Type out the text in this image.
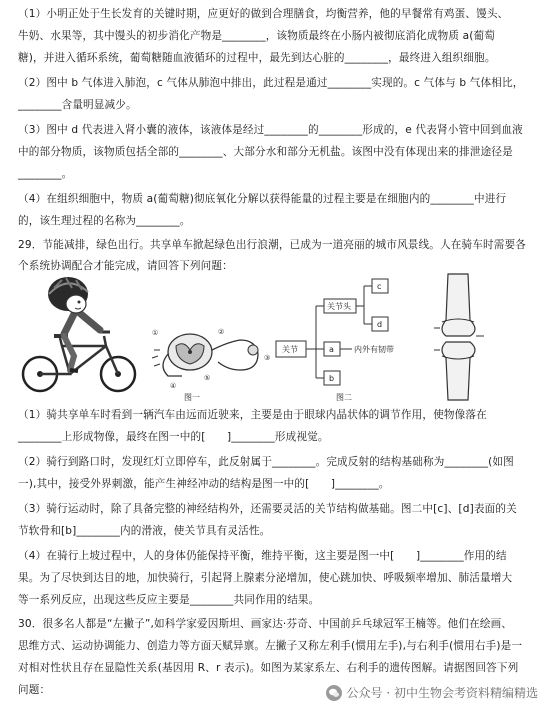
（1）小明正处于生长发育的关键时期，应更好的做到合理膳食，均衡营养，他的早餐常有鸡蛋、馒头、
牛奶、水果等，其中馒头的初步消化产物是________，该物质最终在小肠内被彻底消化成物质 a(葡萄
糖)，并进入循环系统，葡萄糖随血液循环的过程中，最先到达心脏的________，最终进入组织细胞。
（2）图中 b 气体进入肺泡，c 气体从肺泡中排出，此过程是通过________实现的。c 气体与 b 气体相比，
________含量明显减少。
（3）图中 d 代表进入肾小囊的液体，该液体是经过________的________形成的，e 代表肾小管中回到血液
中的部分物质，该物质包括全部的________、大部分水和部分无机盐。该图中没有体现出来的排泄途径是
________。
（4）在组织细胞中，物质 a(葡萄糖)彻底氧化分解以获得能量的过程主要是在细胞内的________中进行
的，该生理过程的名称为________。
29．节能减排，绿色出行。共享单车掀起绿色出行浪潮，已成为一道亮丽的城市风景线。人在骑车时需要各
个系统协调配合才能完成，请回答下列问题：
①	②
③
④
⑤
图一
关节
关节头
a
b
c
d
内外有韧带
图二
（1）骑共享单车时看到一辆汽车由远而近驶来，主要是由于眼球内晶状体的调节作用，使物像落在
________上形成物像，最终在图一中的[　　]________形成视觉。
（2）骑行到路口时，发现红灯立即停车，此反射属于________。完成反射的结构基础称为________(如图
一),其中，接受外界刺激，能产生神经冲动的结构是图一中的[　　]________。
（3）骑行运动时，除了具备完整的神经结构外，还需要灵活的关节结构做基础。图二中[c]、[d]表面的关
节软骨和[b]________内的滑液，使关节具有灵活性。
（4）在骑行上坡过程中，人的身体仍能保持平衡，维持平衡，这主要是图一中[　　]________作用的结
果。为了尽快到达目的地，加快骑行，引起肾上腺素分泌增加，使心跳加快、呼吸频率增加、肺活量增大
等一系列反应，出现这些反应主要是________共同作用的结果。
30．很多名人都是“左撇子”,如科学家爱因斯坦、画家达·芬奇、中国前乒乓球冠军王楠等。他们在绘画、
思维方式、运动协调能力、创造力等方面天赋异禀。左撇子又称左利手(惯用左手),与右利手(惯用右手)是一
对相对性状且存在显隐性关系(基因用 R、r 表示)。如图为某家系左、右利手的遗传图解。请据图回答下列
问题：	公众号 · 初中生物会考资料精编精选
